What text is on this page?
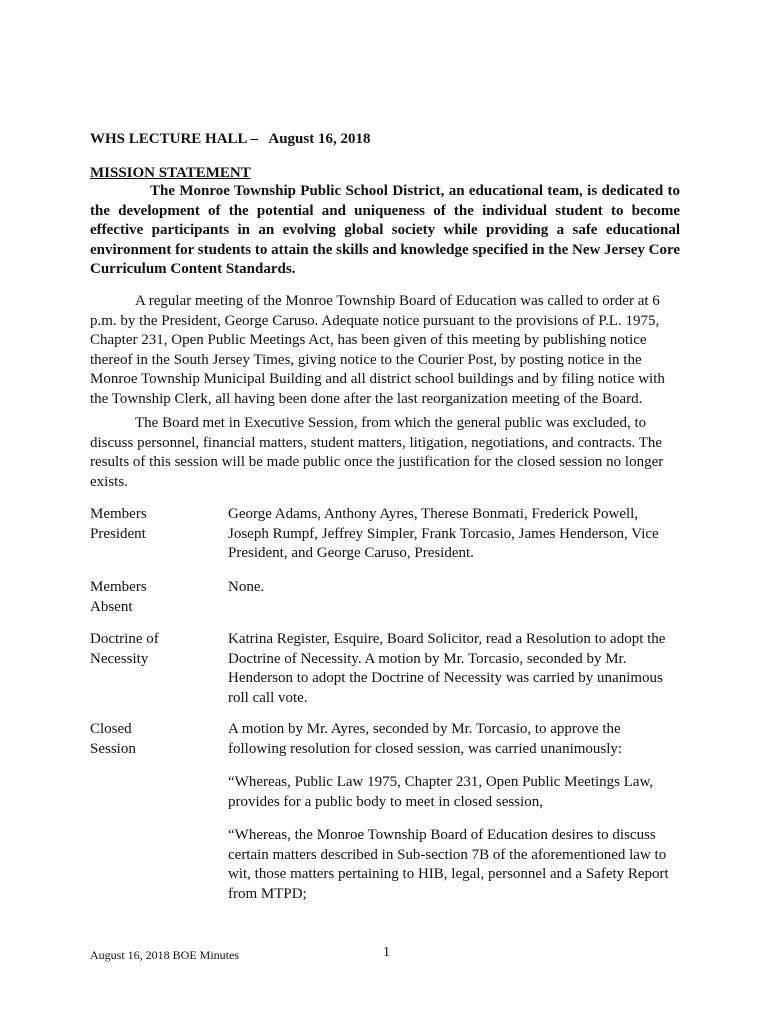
WHS LECTURE HALL –   August 16, 2018
MISSION STATEMENT
The Monroe Township Public School District, an educational team, is dedicated to the development of the potential and uniqueness of the individual student to become effective participants in an evolving global society while providing a safe educational environment for students to attain the skills and knowledge specified in the New Jersey Core Curriculum Content Standards.
A regular meeting of the Monroe Township Board of Education was called to order at 6 p.m. by the President, George Caruso. Adequate notice pursuant to the provisions of P.L. 1975, Chapter 231, Open Public Meetings Act, has been given of this meeting by publishing notice thereof in the South Jersey Times, giving notice to the Courier Post, by posting notice in the Monroe Township Municipal Building and all district school buildings and by filing notice with the Township Clerk, all having been done after the last reorganization meeting of the Board.
The Board met in Executive Session, from which the general public was excluded, to discuss personnel, financial matters, student matters, litigation, negotiations, and contracts. The results of this session will be made public once the justification for the closed session no longer exists.
Members
President
George Adams, Anthony Ayres, Therese Bonmati, Frederick Powell, Joseph Rumpf, Jeffrey Simpler, Frank Torcasio, James Henderson, Vice President, and George Caruso, President.
Members
Absent
None.
Doctrine of
Necessity
Katrina Register, Esquire, Board Solicitor, read a Resolution to adopt the Doctrine of Necessity. A motion by Mr. Torcasio, seconded by Mr. Henderson to adopt the Doctrine of Necessity was carried by unanimous roll call vote.
Closed
Session

A motion by Mr. Ayres, seconded by Mr. Torcasio, to approve the following resolution for closed session, was carried unanimously:

“Whereas, Public Law 1975, Chapter 231, Open Public Meetings Law, provides for a public body to meet in closed session,

“Whereas, the Monroe Township Board of Education desires to discuss certain matters described in Sub-section 7B of the aforementioned law to wit, those matters pertaining to HIB, legal, personnel and a Safety Report from MTPD;

August 16, 2018 BOE Minutes	1
